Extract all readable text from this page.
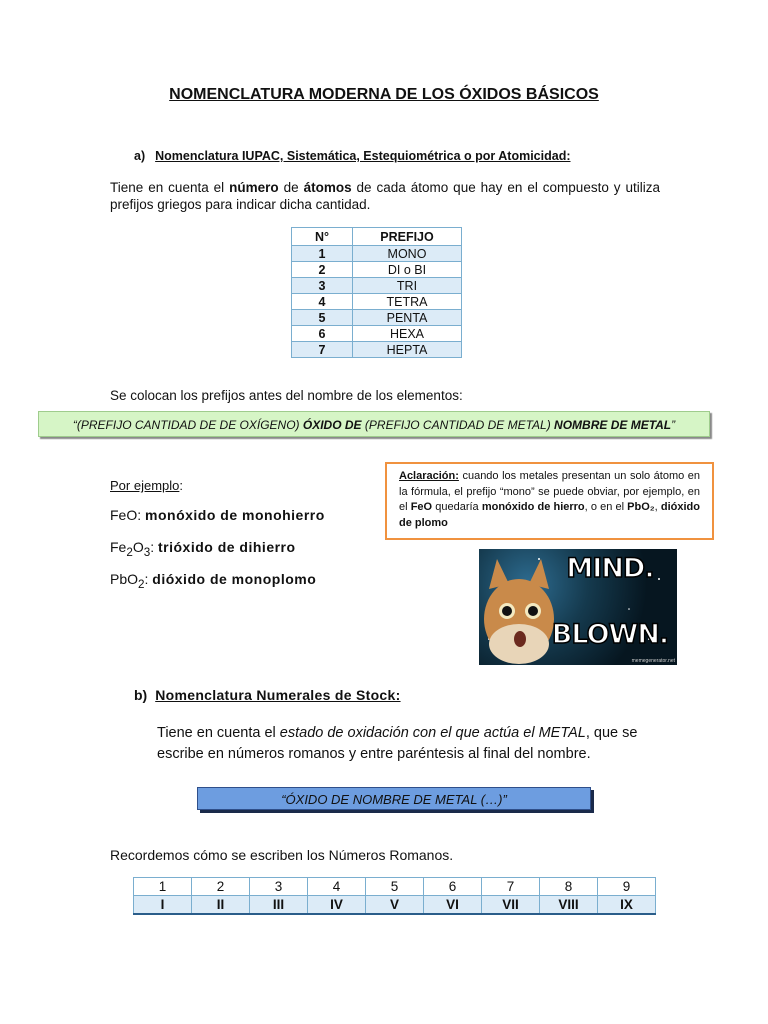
NOMENCLATURA MODERNA DE LOS ÓXIDOS BÁSICOS
a) Nomenclatura IUPAC, Sistemática, Estequiométrica o por Atomicidad:
Tiene en cuenta el número de átomos de cada átomo que hay en el compuesto y utiliza prefijos griegos para indicar dicha cantidad.
N°	PREFIJO
1	MONO
2	DI o BI
3	TRI
4	TETRA
5	PENTA
6	HEXA
7	HEPTA
Se colocan los prefijos antes del nombre de los elementos:
“(PREFIJO CANTIDAD DE DE OXÍGENO) ÓXIDO DE (PREFIJO CANTIDAD DE METAL) NOMBRE DE METAL”
Por ejemplo:
FeO: monóxido de monohierro
$Fe_2O_3$: trióxido de dihierro
PbO$_2$: dióxido de monoplomo
Aclaración: cuando los metales presentan un solo átomo en la fórmula, el prefijo “mono” se puede obviar, por ejemplo, en el FeO quedaría monóxido de hierro, o en el PbO₂, dióxido de plomo
MIND.
BLOWN.
memegenerator.net
b) Nomenclatura Numerales de Stock:
Tiene en cuenta el estado de oxidación con el que actúa el METAL, que se escribe en números romanos y entre paréntesis al final del nombre.
“ÓXIDO DE NOMBRE DE METAL (…)”
Recordemos cómo se escriben los Números Romanos.
1	2	3	4	5	6	7	8	9
I	II	III	IV	V	VI	VII	VIII	IX
